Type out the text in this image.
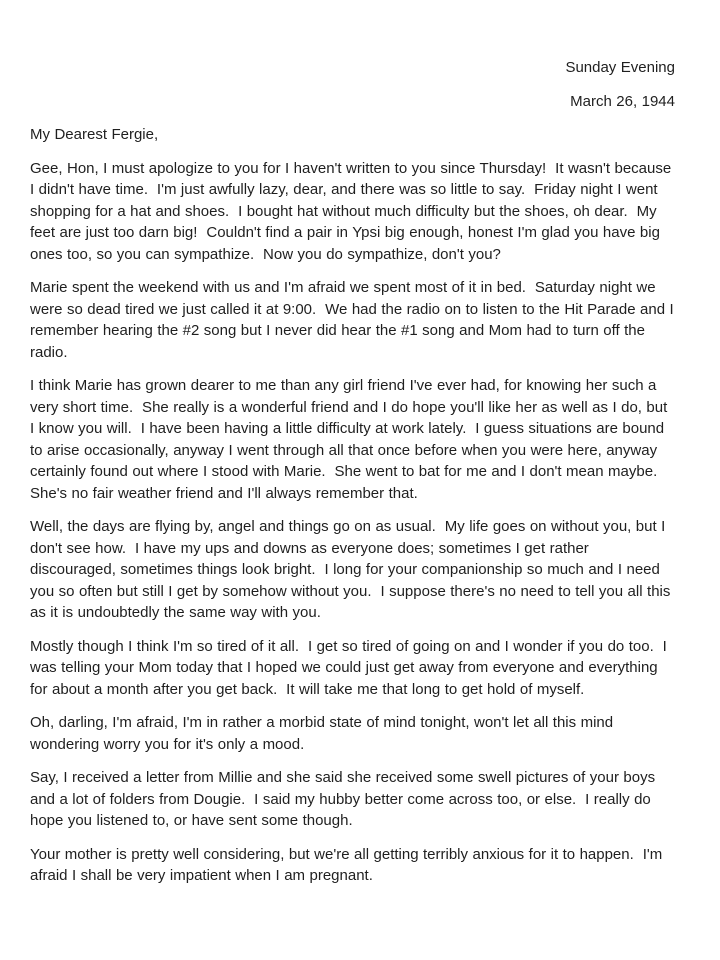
Sunday Evening

March 26, 1944

My Dearest Fergie,

Gee, Hon, I must apologize to you for I haven't written to you since Thursday!  It wasn't because I didn't have time.  I'm just awfully lazy, dear, and there was so little to say.  Friday night I went shopping for a hat and shoes.  I bought hat without much difficulty but the shoes, oh dear.  My feet are just too darn big!  Couldn't find a pair in Ypsi big enough, honest I'm glad you have big ones too, so you can sympathize.  Now you do sympathize, don't you?

Marie spent the weekend with us and I'm afraid we spent most of it in bed.  Saturday night we were so dead tired we just called it at 9:00.  We had the radio on to listen to the Hit Parade and I remember hearing the #2 song but I never did hear the #1 song and Mom had to turn off the radio.

I think Marie has grown dearer to me than any girl friend I've ever had, for knowing her such a very short time.  She really is a wonderful friend and I do hope you'll like her as well as I do, but I know you will.  I have been having a little difficulty at work lately.  I guess situations are bound to arise occasionally, anyway I went through all that once before when you were here, anyway certainly found out where I stood with Marie.  She went to bat for me and I don't mean maybe.  She's no fair weather friend and I'll always remember that.

Well, the days are flying by, angel and things go on as usual.  My life goes on without you, but I don't see how.  I have my ups and downs as everyone does; sometimes I get rather discouraged, sometimes things look bright.  I long for your companionship so much and I need you so often but still I get by somehow without you.  I suppose there's no need to tell you all this as it is undoubtedly the same way with you.

Mostly though I think I'm so tired of it all.  I get so tired of going on and I wonder if you do too.  I was telling your Mom today that I hoped we could just get away from everyone and everything for about a month after you get back.  It will take me that long to get hold of myself.

Oh, darling, I'm afraid, I'm in rather a morbid state of mind tonight, won't let all this mind wondering worry you for it's only a mood.

Say, I received a letter from Millie and she said she received some swell pictures of your boys and a lot of folders from Dougie.  I said my hubby better come across too, or else.  I really do hope you listened to, or have sent some though.

Your mother is pretty well considering, but we're all getting terribly anxious for it to happen.  I'm afraid I shall be very impatient when I am pregnant.
